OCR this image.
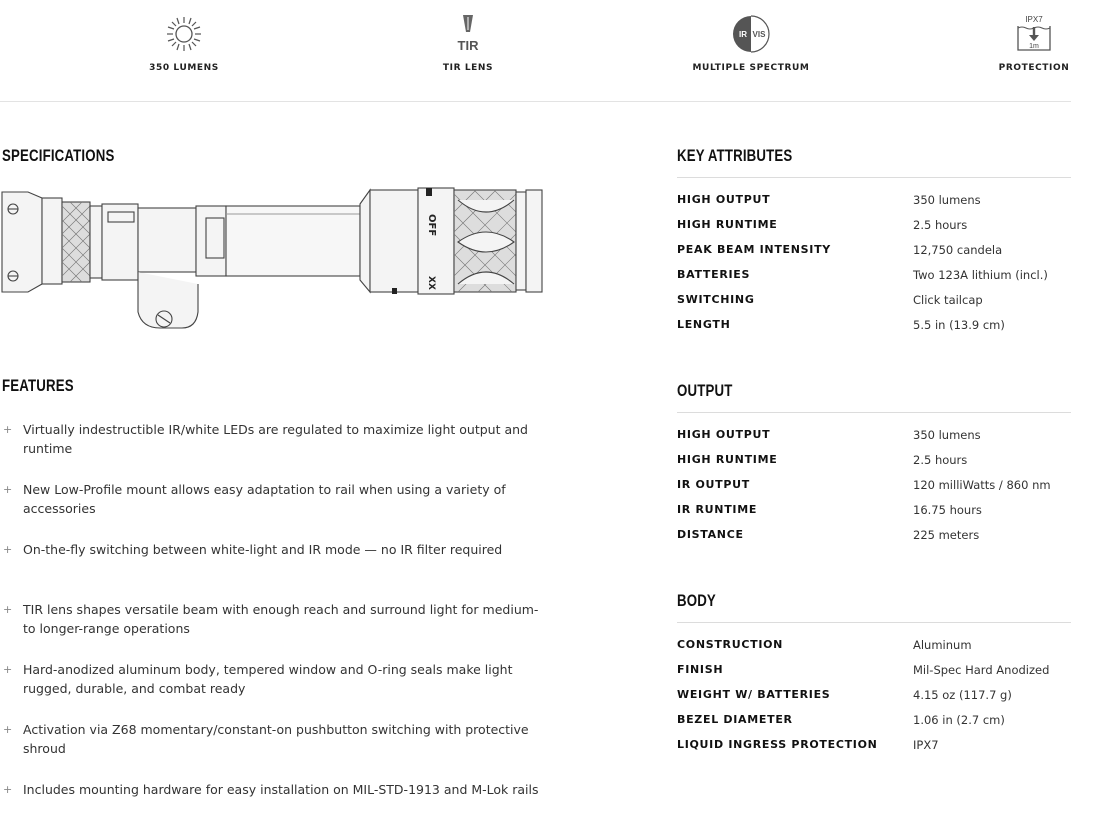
350 LUMENS
TIR
TIR LENS
IR VIS
MULTIPLE SPECTRUM
IPX7
1m
PROTECTION
SPECIFICATIONS
OFF
XX
FEATURES
+ Virtually indestructible IR/white LEDs are regulated to maximize light output and runtime
+ New Low-Profile mount allows easy adaptation to rail when using a variety of accessories
+ On-the-fly switching between white-light and IR mode — no IR filter required
+ TIR lens shapes versatile beam with enough reach and surround light for medium- to longer-range operations
+ Hard-anodized aluminum body, tempered window and O-ring seals make light rugged, durable, and combat ready
+ Activation via Z68 momentary/constant-on pushbutton switching with protective shroud
+ Includes mounting hardware for easy installation on MIL-STD-1913 and M-Lok rails
KEY ATTRIBUTES
HIGH OUTPUT	350 lumens
HIGH RUNTIME	2.5 hours
PEAK BEAM INTENSITY	12,750 candela
BATTERIES	Two 123A lithium (incl.)
SWITCHING	Click tailcap
LENGTH	5.5 in (13.9 cm)
OUTPUT
HIGH OUTPUT	350 lumens
HIGH RUNTIME	2.5 hours
IR OUTPUT	120 milliWatts / 860 nm
IR RUNTIME	16.75 hours
DISTANCE	225 meters
BODY
CONSTRUCTION	Aluminum
FINISH	Mil-Spec Hard Anodized
WEIGHT W/ BATTERIES	4.15 oz (117.7 g)
BEZEL DIAMETER	1.06 in (2.7 cm)
LIQUID INGRESS PROTECTION	IPX7
